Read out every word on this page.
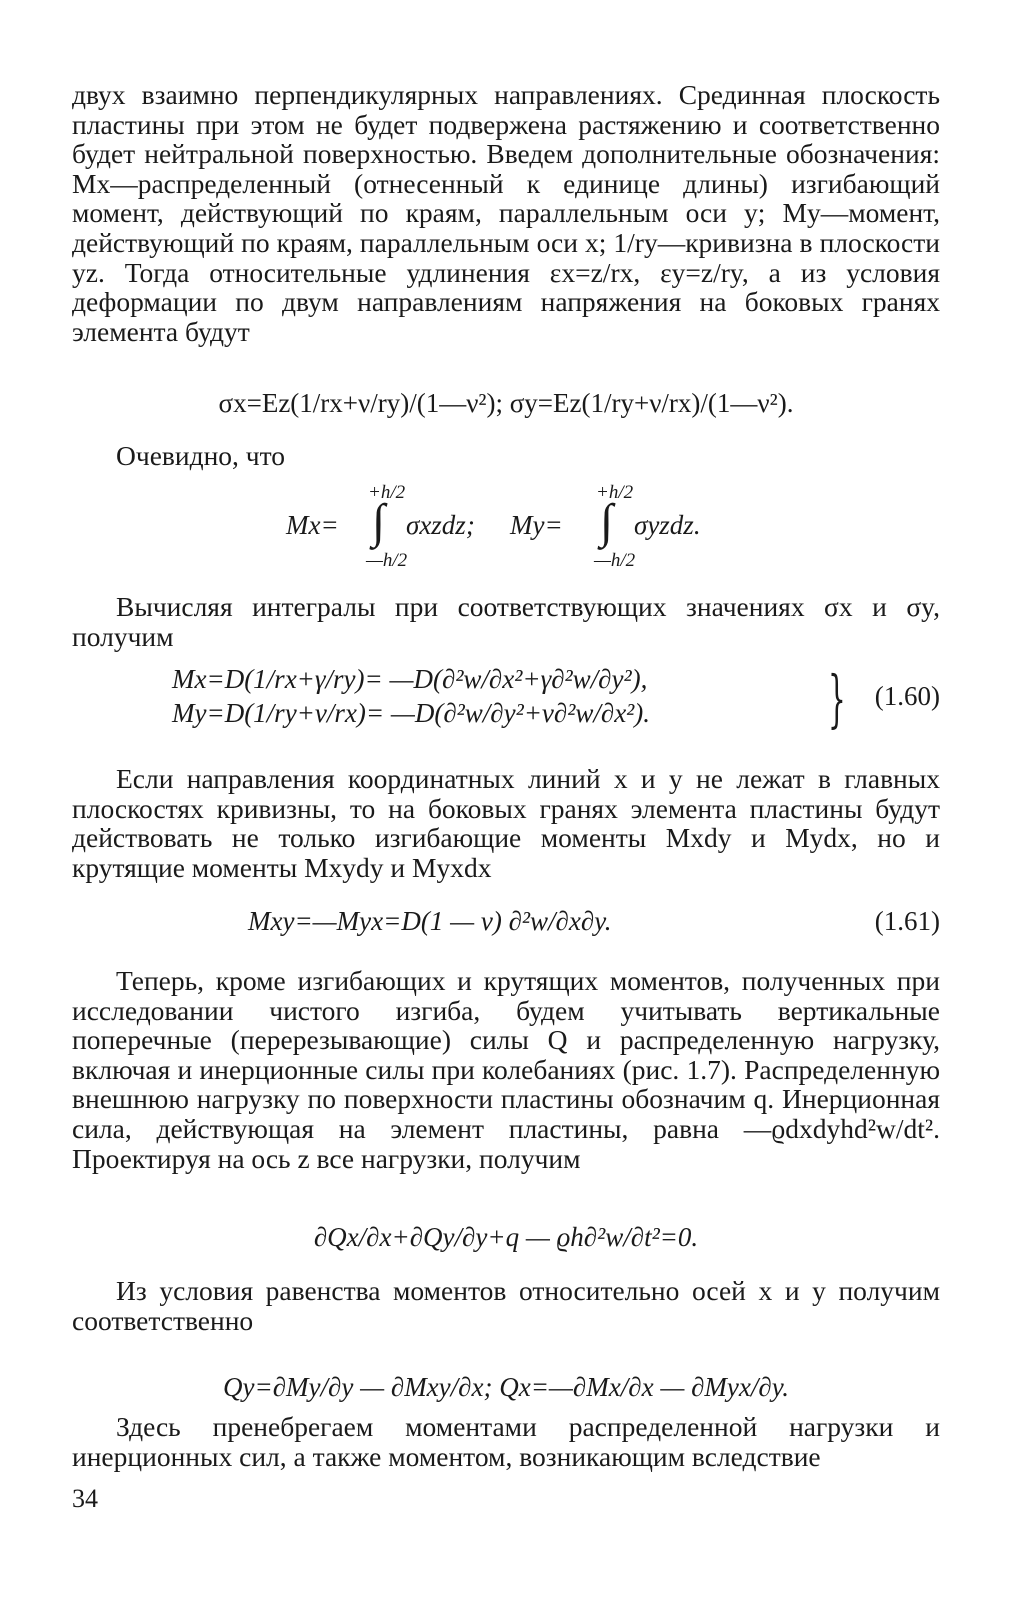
двух взаимно перпендикулярных направлениях. Срединная плоскость пластины при этом не будет подвержена растяжению и соответственно будет нейтральной поверхностью. Введем дополнительные обозначения: Mx—распределенный (отнесенный к единице длины) изгибающий момент, действующий по краям, параллельным оси y; My—момент, действующий по краям, параллельным оси x; 1/ry—кривизна в плоскости yz. Тогда относительные удлинения εx=z/rx, εy=z/ry, а из условия деформации по двум направлениям напряжения на боковых гранях элемента будут

σx=Ez(1/rx+ν/ry)/(1—ν²); σy=Ez(1/ry+ν/rx)/(1—ν²).

Очевидно, что

+h/2
Mx= ∫ σxzdz;
—h/2
+h/2
My= ∫ σyzdz.
—h/2

Вычисляя интегралы при соответствующих значениях σx и σy, получим

Mx=D(1/rx+γ/ry)= —D(∂²w/∂x²+γ∂²w/∂y²),
My=D(1/ry+ν/rx)= —D(∂²w/∂y²+ν∂²w/∂x²).	} (1.60)

Если направления координатных линий x и y не лежат в главных плоскостях кривизны, то на боковых гранях элемента пластины будут действовать не только изгибающие моменты Mxdy и Mydx, но и крутящие моменты Mxydy и Myxdx

Mxy=—Myx=D(1 — ν) ∂²w/∂x∂y.	(1.61)

Теперь, кроме изгибающих и крутящих моментов, полученных при исследовании чистого изгиба, будем учитывать вертикальные поперечные (перерезывающие) силы Q и распределенную нагрузку, включая и инерционные силы при колебаниях (рис. 1.7). Распределенную внешнюю нагрузку по поверхности пластины обозначим q. Инерционная сила, действующая на элемент пластины, равна —ϱdxdyhd²w/dt². Проектируя на ось z все нагрузки, получим

∂Qx/∂x+∂Qy/∂y+q — ϱh∂²w/∂t²=0.

Из условия равенства моментов относительно осей x и y получим соответственно

Qy=∂My/∂y — ∂Mxy/∂x; Qx=—∂Mx/∂x — ∂Myx/∂y.

Здесь пренебрегаем моментами распределенной нагрузки и инерционных сил, а также моментом, возникающим вследствие

34
